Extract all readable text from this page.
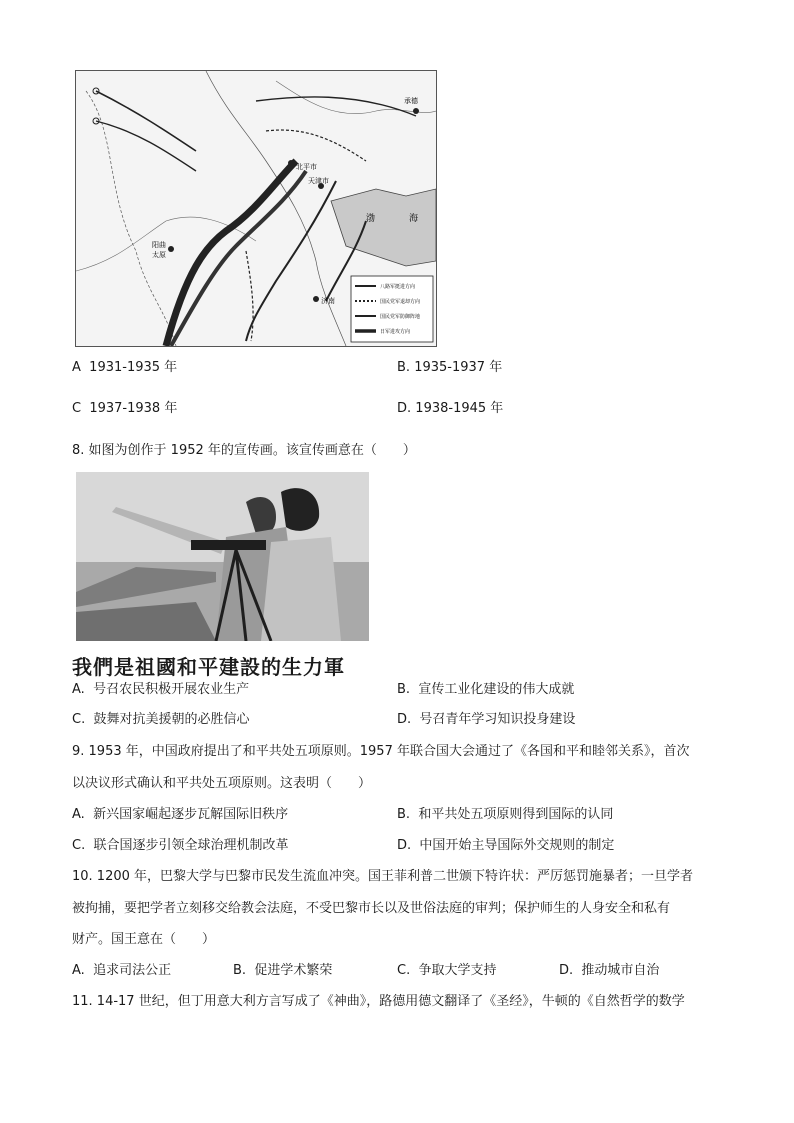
承德
北平市
天津市
渤	海
济南
阳曲
太原
八路军挺进方向
国民党军退却方向
国民党军防御阵地
日军进攻方向
A 1931-1935 年	B. 1935-1937 年
C 1937-1938 年	D. 1938-1945 年
8. 如图为创作于 1952 年的宣传画。该宣传画意在（　　）
我們是祖國和平建設的生力軍
A. 号召农民积极开展农业生产	B. 宣传工业化建设的伟大成就
C. 鼓舞对抗美援朝的必胜信心	D. 号召青年学习知识投身建设
9. 1953 年，中国政府提出了和平共处五项原则。1957 年联合国大会通过了《各国和平和睦邻关系》，首次
以决议形式确认和平共处五项原则。这表明（　　）
A. 新兴国家崛起逐步瓦解国际旧秩序	B. 和平共处五项原则得到国际的认同
C. 联合国逐步引领全球治理机制改革	D. 中国开始主导国际外交规则的制定
10. 1200 年，巴黎大学与巴黎市民发生流血冲突。国王菲利普二世颁下特许状：严厉惩罚施暴者；一旦学者
被拘捕，要把学者立刻移交给教会法庭，不受巴黎市长以及世俗法庭的审判；保护师生的人身安全和私有
财产。国王意在（　　）
A. 追求司法公正	B. 促进学术繁荣	C. 争取大学支持	D. 推动城市自治
11. 14-17 世纪，但丁用意大利方言写成了《神曲》，路德用德文翻译了《圣经》，牛顿的《自然哲学的数学
